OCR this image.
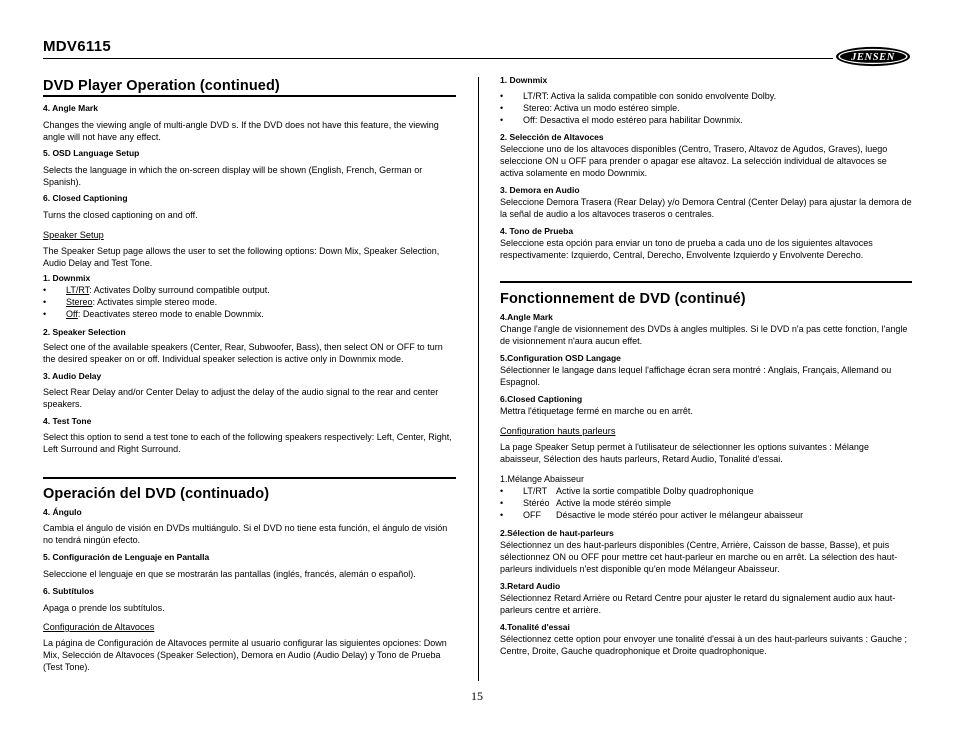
MDV6115
JENSEN
DVD Player Operation (continued)
4. Angle Mark

Changes the viewing angle of multi-angle DVD s. If the DVD does not have this feature, the viewing angle will not have any effect.

5. OSD Language Setup

Selects the language in which the on-screen display will be shown (English, French, German or Spanish).

6. Closed Captioning

Turns the closed captioning on and off.

Speaker Setup

The Speaker Setup page allows the user to set the following options: Down Mix, Speaker Selection, Audio Delay and Test Tone.

1. Downmix
• LT/RT: Activates Dolby surround compatible output.
• Stereo: Activates simple stereo mode.
• Off: Deactivates stereo mode to enable Downmix.
2. Speaker Selection

Select one of the available speakers (Center, Rear, Subwoofer, Bass), then select ON or OFF to turn the desired speaker on or off. Individual speaker selection is active only in Downmix mode.

3. Audio Delay

Select Rear Delay and/or Center Delay to adjust the delay of the audio signal to the rear and center speakers.

4. Test Tone

Select this option to send a test tone to each of the following speakers respectively: Left, Center, Right, Left Surround and Right Surround.

Operación del DVD (continuado)
4. Ángulo

Cambia el ángulo de visión en DVDs multiángulo. Si el DVD no tiene esta función, el ángulo de visión no tendrá ningún efecto.

5. Configuración de Lenguaje en Pantalla

Seleccione el lenguaje en que se mostrarán las pantallas (inglés, francés, alemán o español).

6. Subtítulos

Apaga o prende los subtítulos.

Configuración de Altavoces

La página de Configuración de Altavoces permite al usuario configurar las siguientes opciones: Down Mix, Selección de Altavoces (Speaker Selection), Demora en Audio (Audio Delay) y Tono de Prueba (Test Tone).

1. Downmix
• LT/RT: Activa la salida compatible con sonido envolvente Dolby.
• Stereo: Activa un modo estéreo simple.
• Off: Desactiva el modo estéreo para habilitar Downmix.
2. Selección de Altavoces

Seleccione uno de los altavoces disponibles (Centro, Trasero, Altavoz de Agudos, Graves), luego seleccione ON u OFF para prender o apagar ese altavoz. La selección individual de altavoces se activa solamente en modo Downmix.

3. Demora en Audio

Seleccione Demora Trasera (Rear Delay) y/o Demora Central (Center Delay) para ajustar la demora de la señal de audio a los altavoces traseros o centrales.

4. Tono de Prueba

Seleccione esta opción para enviar un tono de prueba a cada uno de los siguientes altavoces respectivamente: Izquierdo, Central, Derecho, Envolvente Izquierdo y Envolvente Derecho.

Fonctionnement de DVD (continué)
4.Angle Mark

Change l'angle de visionnement des DVDs à angles multiples. Si le DVD n'a pas cette fonction, l'angle de visionnement n'aura aucun effet.

5.Configuration OSD Langage

Sélectionner le langage dans lequel l'affichage écran sera montré : Anglais, Français, Allemand ou Espagnol.

6.Closed Captioning

Mettra l'étiquetage fermé en marche ou en arrêt.

Configuration hauts parleurs

La page Speaker Setup permet à l'utilisateur de sélectionner les options suivantes : Mélange abaisseur, Sélection des hauts parleurs, Retard Audio, Tonalité d'essai.

1.Mélange Abaisseur

• LT/RT Active la sortie compatible Dolby quadrophonique
• Stéréo Active la mode stéréo simple
• OFF Désactive le mode stéréo pour activer le mélangeur abaisseur
2.Sélection de haut-parleurs

Sélectionnez un des haut-parleurs disponibles (Centre, Arrière, Caisson de basse, Basse), et puis sélectionnez ON ou OFF pour mettre cet haut-parleur en marche ou en arrêt. La sélection des haut-parleurs individuels n'est disponible qu'en mode Mélangeur Abaisseur.

3.Retard Audio

Sélectionnez Retard Arrière ou Retard Centre pour ajuster le retard du signalement audio aux haut-parleurs centre et arrière.

4.Tonalité d'essai

Sélectionnez cette option pour envoyer une tonalité d'essai à un des haut-parleurs suivants : Gauche ; Centre, Droite, Gauche quadrophonique et Droite quadrophonique.

15
